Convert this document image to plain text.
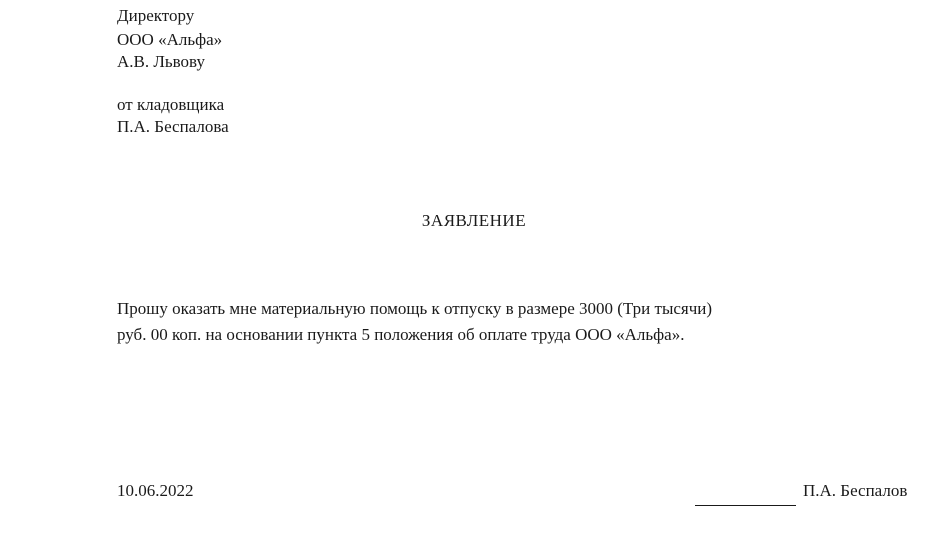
Директору
ООО «Альфа»
А.В. Львову
от кладовщика
П.А. Беспалова
ЗАЯВЛЕНИЕ
Прошу оказать мне материальную помощь к отпуску в размере 3000 (Три тысячи)
руб. 00 коп. на основании пункта 5 положения об оплате труда ООО «Альфа».
10.06.2022	П.А. Беспалов
